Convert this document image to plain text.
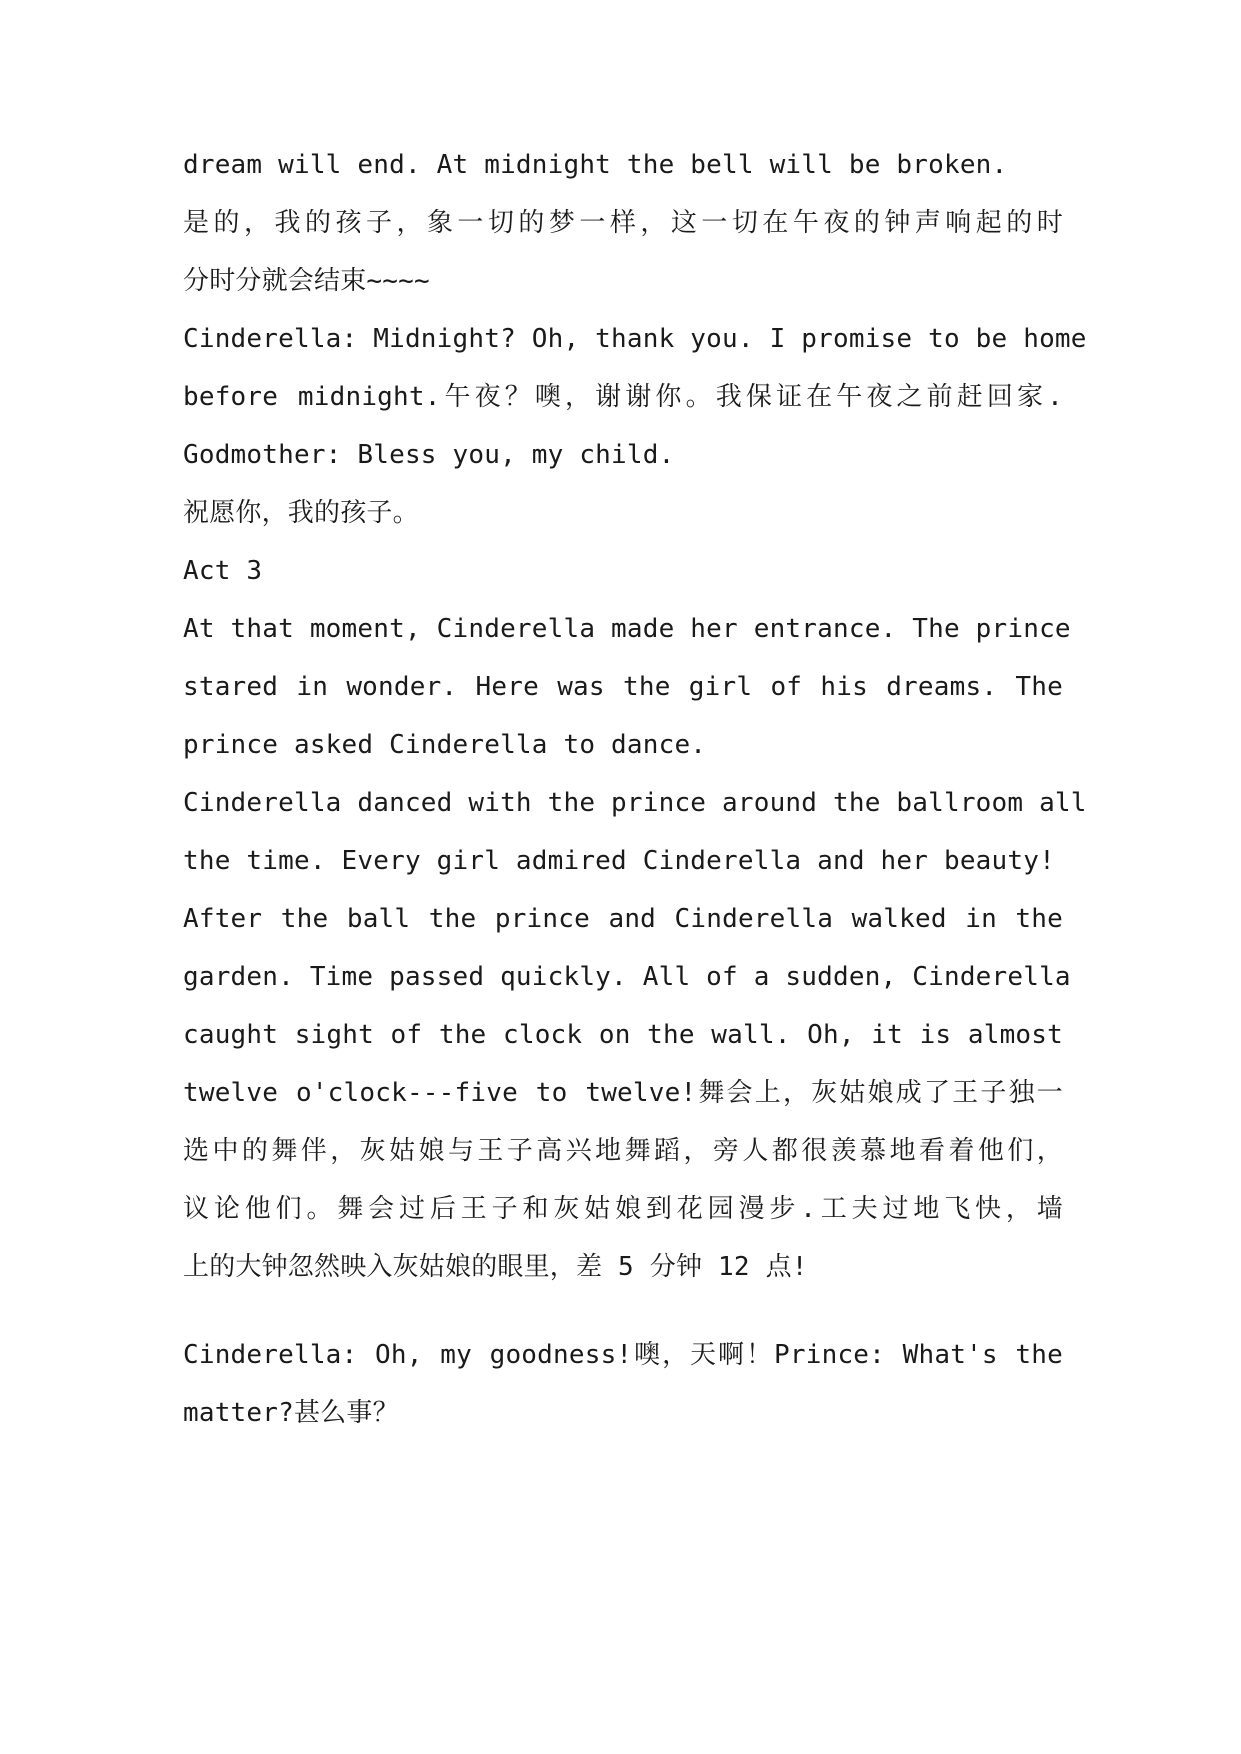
dream will end. At midnight the bell will be broken.
是的，我的孩子，象一切的梦一样，这一切在午夜的钟声响起的时
分时分就会结束~~~~
Cinderella: Midnight? Oh, thank you. I promise to be home
before midnight.午夜？噢，谢谢你。我保证在午夜之前赶回家.
Godmother: Bless you, my child.
祝愿你，我的孩子。
Act 3
At that moment, Cinderella made her entrance. The prince
stared in wonder. Here was the girl of his dreams. The
prince asked Cinderella to dance.
Cinderella danced with the prince around the ballroom all
the time. Every girl admired Cinderella and her beauty!
After the ball the prince and Cinderella walked in the
garden. Time passed quickly. All of a sudden, Cinderella
caught sight of the clock on the wall. Oh, it is almost
twelve o'clock---five to twelve!舞会上，灰姑娘成了王子独一
选中的舞伴，灰姑娘与王子高兴地舞蹈，旁人都很羡慕地看着他们，
议论他们。舞会过后王子和灰姑娘到花园漫步.工夫过地飞快，墙
上的大钟忽然映入灰姑娘的眼里，差 5 分钟 12 点!
Cinderella: Oh, my goodness!噢，天啊！Prince: What's the
matter?甚么事？
